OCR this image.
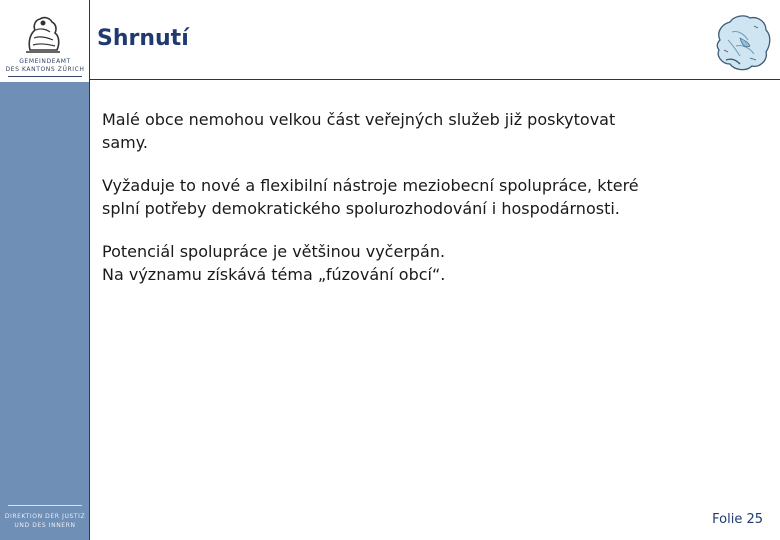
GEMEINDEAMT
DES KANTONS ZÜRICH
DIREKTION DER JUSTIZ
UND DES INNERN
Shrnutí

Malé obce nemohou velkou část veřejných služeb již poskytovat
samy.

Vyžaduje to nové a flexibilní nástroje meziobecní spolupráce, které
splní potřeby demokratického spolurozhodování i hospodárnosti.

Potenciál spolupráce je většinou vyčerpán.
Na významu získává téma „fúzování obcí“.

Folie 25
